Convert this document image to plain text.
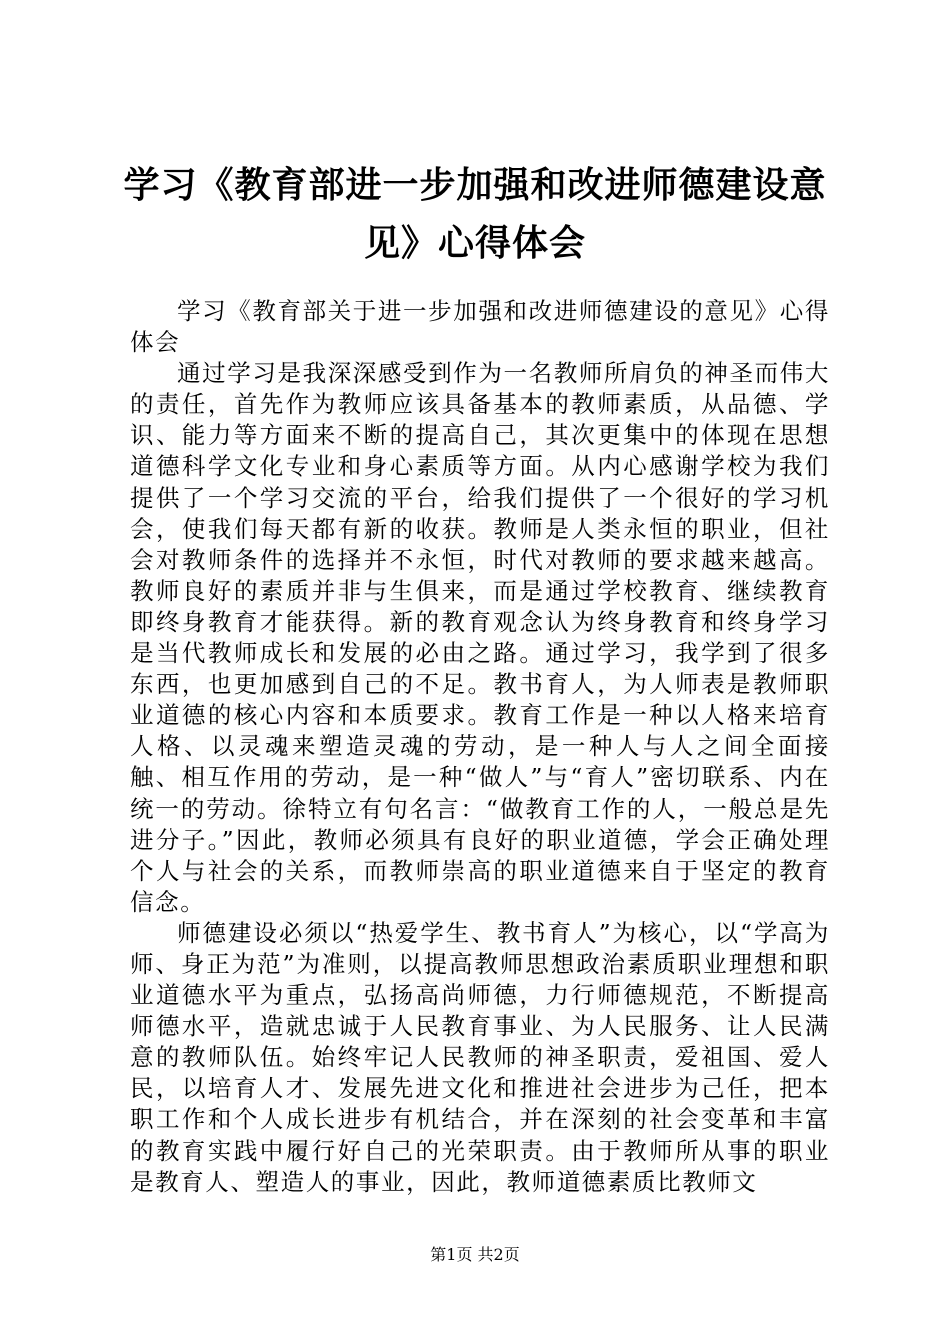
学习《教育部进一步加强和改进师德建设意
见》心得体会

学习《教育部关于进一步加强和改进师德建设的意见》心得体会

通过学习是我深深感受到作为一名教师所肩负的神圣而伟大的责任，首先作为教师应该具备基本的教师素质，从品德、学识、能力等方面来不断的提高自己，其次更集中的体现在思想道德科学文化专业和身心素质等方面。从内心感谢学校为我们提供了一个学习交流的平台，给我们提供了一个很好的学习机会，使我们每天都有新的收获。教师是人类永恒的职业，但社会对教师条件的选择并不永恒，时代对教师的要求越来越高。教师良好的素质并非与生俱来，而是通过学校教育、继续教育即终身教育才能获得。新的教育观念认为终身教育和终身学习是当代教师成长和发展的必由之路。通过学习，我学到了很多东西，也更加感到自己的不足。教书育人，为人师表是教师职业道德的核心内容和本质要求。教育工作是一种以人格来培育人格、以灵魂来塑造灵魂的劳动，是一种人与人之间全面接触、相互作用的劳动，是一种“做人”与“育人”密切联系、内在统一的劳动。徐特立有句名言：“做教育工作的人，一般总是先进分子。”因此，教师必须具有良好的职业道德，学会正确处理个人与社会的关系，而教师崇高的职业道德来自于坚定的教育信念。

师德建设必须以“热爱学生、教书育人”为核心，以“学高为师、身正为范”为准则，以提高教师思想政治素质职业理想和职业道德水平为重点，弘扬高尚师德，力行师德规范，不断提高师德水平，造就忠诚于人民教育事业、为人民服务、让人民满意的教师队伍。始终牢记人民教师的神圣职责，爱祖国、爱人民，以培育人才、发展先进文化和推进社会进步为己任，把本职工作和个人成长进步有机结合，并在深刻的社会变革和丰富的教育实践中履行好自己的光荣职责。由于教师所从事的职业是教育人、塑造人的事业，因此，教师道德素质比教师文

第1页 共2页
